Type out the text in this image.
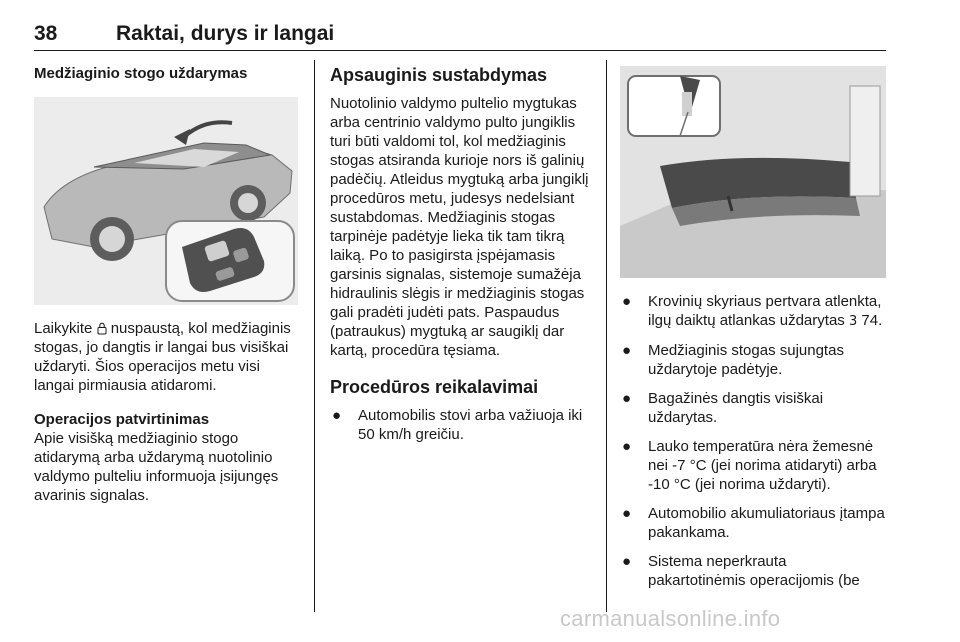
38	Raktai, durys ir langai

Medžiaginio stogo uždarymas

Laikykite nuspaustą, kol medžiaginis stogas, jo dangtis ir langai bus visiškai uždaryti. Šios operacijos metu visi langai pirmiausia atidaromi.

Operacijos patvirtinimas

Apie visišką medžiaginio stogo atidarymą arba uždarymą nuotolinio valdymo pulteliu informuoja įsijungęs avarinis signalas.

Apsauginis sustabdymas

Nuotolinio valdymo pultelio mygtukas arba centrinio valdymo pulto jungiklis turi būti valdomi tol, kol medžiaginis stogas atsiranda kurioje nors iš galinių padėčių. Atleidus mygtuką arba jungiklį procedūros metu, judesys nedelsiant sustabdomas. Medžiaginis stogas tarpinėje padėtyje lieka tik tam tikrą laiką. Po to pasigirsta įspėjamasis garsinis signalas, sistemoje sumažėja hidraulinis slėgis ir medžiaginis stogas gali pradėti judėti pats. Paspaudus (patraukus) mygtuką ar saugiklį dar kartą, procedūra tęsiama.

Procedūros reikalavimai

● Automobilis stovi arba važiuoja iki 50 km/h greičiu.
● Krovinių skyriaus pertvara atlenkta, ilgų daiktų atlankas uždarytas 3 74.
● Medžiaginis stogas sujungtas uždarytoje padėtyje.
● Bagažinės dangtis visiškai uždarytas.
● Lauko temperatūra nėra žemesnė nei -7 °C (jei norima atidaryti) arba -10 °C (jei norima uždaryti).
● Automobilio akumuliatoriaus įtampa pakankama.
● Sistema neperkrauta pakartotinėmis operacijomis (be
carmanualsonline.info
